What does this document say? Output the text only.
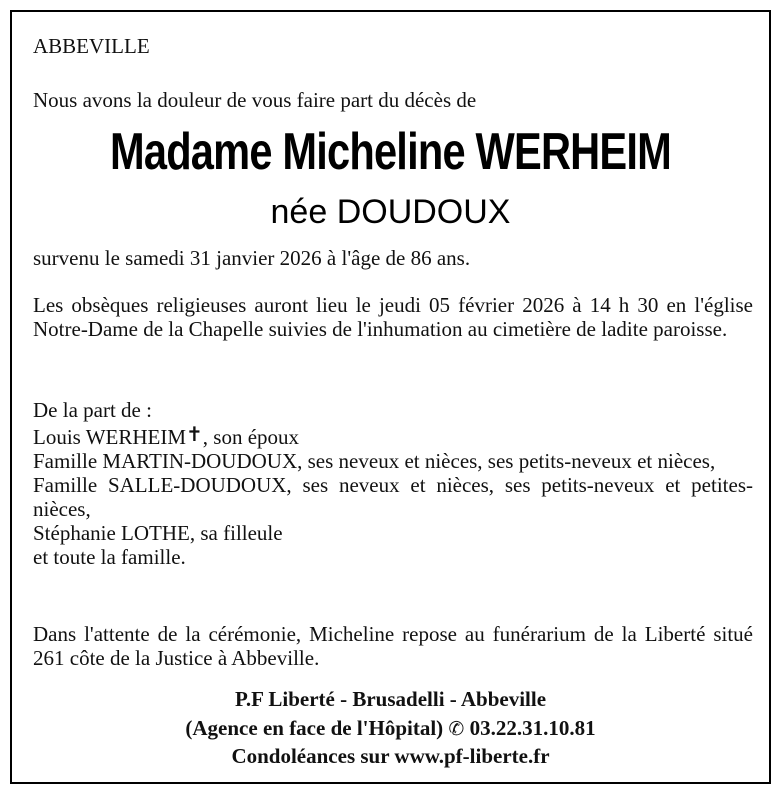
ABBEVILLE
Nous avons la douleur de vous faire part du décès de
Madame Micheline WERHEIM
née DOUDOUX
survenu le samedi 31 janvier 2026 à l'âge de 86 ans.
Les obsèques religieuses auront lieu le jeudi 05 février 2026 à 14 h 30 en l'église Notre-Dame de la Chapelle suivies de l'inhumation au cimetière de ladite paroisse.

De la part de :

Louis WERHEIM✝, son époux

Famille MARTIN-DOUDOUX, ses neveux et nièces, ses petits-neveux et nièces,

Famille SALLE-DOUDOUX, ses neveux et nièces, ses petits-neveux et petites-nièces,

Stéphanie LOTHE, sa filleule

et toute la famille.

Dans l'attente de la cérémonie, Micheline repose au funérarium de la Liberté situé 261 côte de la Justice à Abbeville.
P.F Liberté - Brusadelli - Abbeville
(Agence en face de l'Hôpital) ✆ 03.22.31.10.81
Condoléances sur www.pf-liberte.fr
